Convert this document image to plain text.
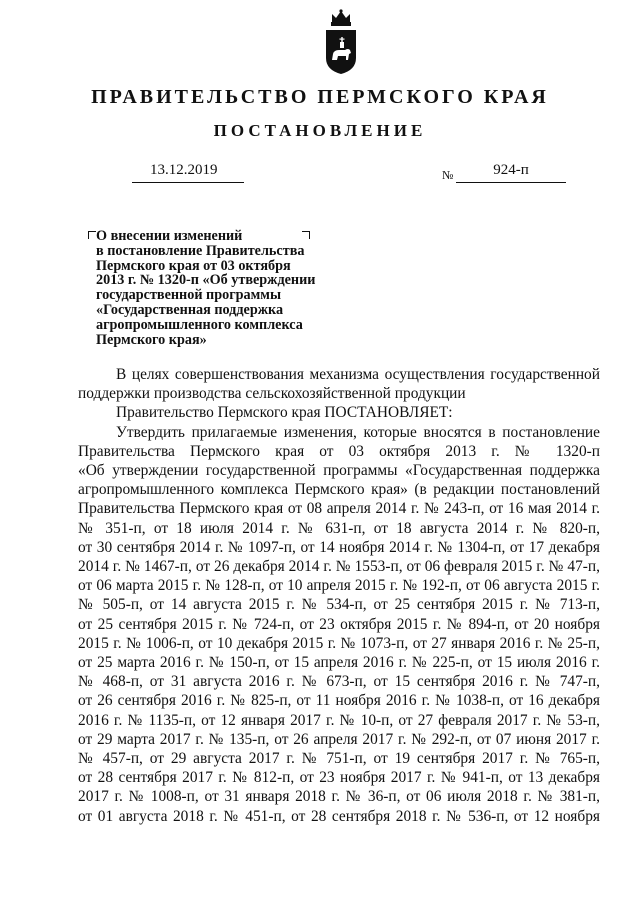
ПРАВИТЕЛЬСТВО ПЕРМСКОГО КРАЯ
ПОСТАНОВЛЕНИЕ
13.12.2019	№	924-п
О внесении изменений
в постановление Правительства
Пермского края от 03 октября
2013 г. № 1320-п «Об утверждении
государственной программы
«Государственная поддержка
агропромышленного комплекса
Пермского края»

В целях совершенствования механизма осуществления государственной

поддержки производства сельскохозяйственной продукции

Правительство Пермского края ПОСТАНОВЛЯЕТ:

Утвердить прилагаемые изменения, которые вносятся в постановление

Правительства Пермского края от 03 октября 2013 г. № 1320-п

«Об утверждении государственной программы «Государственная поддержка

агропромышленного комплекса Пермского края» (в редакции постановлений

Правительства Пермского края от 08 апреля 2014 г. № 243-п, от 16 мая 2014 г.

№ 351-п, от 18 июля 2014 г. № 631-п, от 18 августа 2014 г. № 820-п,

от 30 сентября 2014 г. № 1097-п, от 14 ноября 2014 г. № 1304-п, от 17 декабря

2014 г. № 1467-п, от 26 декабря 2014 г. № 1553-п, от 06 февраля 2015 г. № 47-п,

от 06 марта 2015 г. № 128-п, от 10 апреля 2015 г. № 192-п, от 06 августа 2015 г.

№ 505-п, от 14 августа 2015 г. № 534-п, от 25 сентября 2015 г. № 713-п,

от 25 сентября 2015 г. № 724-п, от 23 октября 2015 г. № 894-п, от 20 ноября

2015 г. № 1006-п, от 10 декабря 2015 г. № 1073-п, от 27 января 2016 г. № 25-п,

от 25 марта 2016 г. № 150-п, от 15 апреля 2016 г. № 225-п, от 15 июля 2016 г.

№ 468-п, от 31 августа 2016 г. № 673-п, от 15 сентября 2016 г. № 747-п,

от 26 сентября 2016 г. № 825-п, от 11 ноября 2016 г. № 1038-п, от 16 декабря

2016 г. № 1135-п, от 12 января 2017 г. № 10-п, от 27 февраля 2017 г. № 53-п,

от 29 марта 2017 г. № 135-п, от 26 апреля 2017 г. № 292-п, от 07 июня 2017 г.

№ 457-п, от 29 августа 2017 г. № 751-п, от 19 сентября 2017 г. № 765-п,

от 28 сентября 2017 г. № 812-п, от 23 ноября 2017 г. № 941-п, от 13 декабря

2017 г. № 1008-п, от 31 января 2018 г. № 36-п, от 06 июля 2018 г. № 381-п,

от 01 августа 2018 г. № 451-п, от 28 сентября 2018 г. № 536-п, от 12 ноября
